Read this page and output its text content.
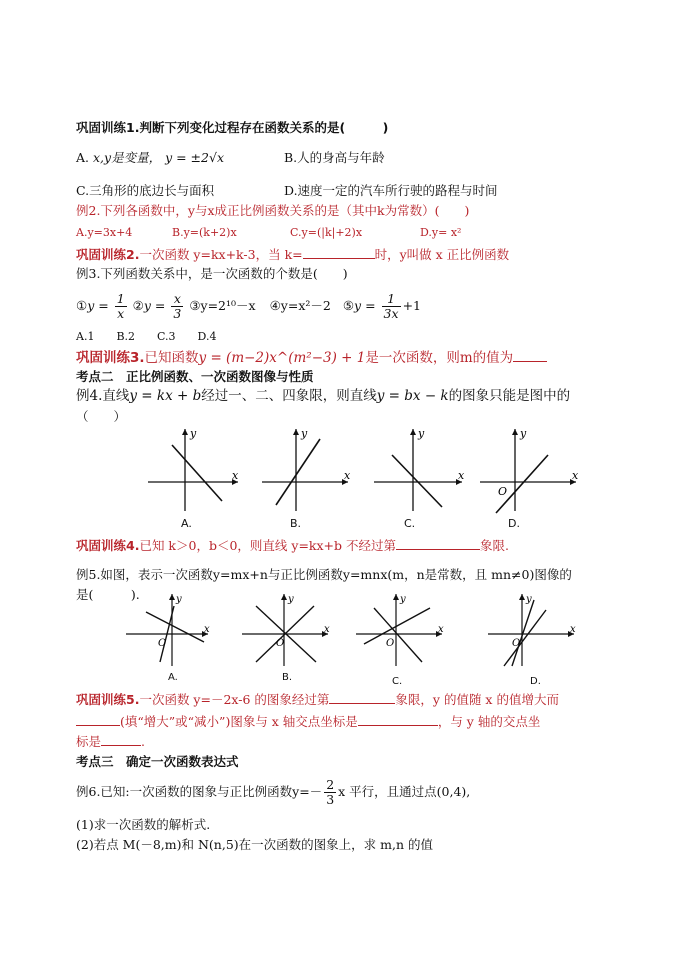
巩固训练1.判断下列变化过程存在函数关系的是(　　　)
A. x,y是变量， y = ±2√x	B.人的身高与年龄
C.三角形的底边长与面积	D.速度一定的汽车所行驶的路程与时间
例2.下列各函数中，y与x成正比例函数关系的是（其中k为常数）(　　)
A.y=3x+4	B.y=(k+2)x	C.y=(|k|+2)x	D.y= x²
巩固训练2.一次函数 y=kx+k-3，当 k=	时，y叫做 x 正比例函数
例3.下列函数关系中，是一次函数的个数是(　　)
①y = $\frac{1}{x}$ ②y = $\frac{x}{3}$ ③y=2¹⁰－x ④y=x²－2 ⑤y = $\frac{1}{3x} +1$
A.1　　B.2　　C.3　　D.4
巩固训练3.已知函数y = (m−2)x^(m²−3) + 1是一次函数，则m的值为
考点二　正比例函数、一次函数图像与性质
例4.直线y = kx + b经过一、二、四象限，则直线y = bx − k的图象只能是图中的
（　　）
x
y
A.
x
y
B.
x
y
C.
x
y
O
D.
巩固训练4.已知 k＞0，b＜0，则直线 y=kx+b 不经过第	象限.
例5.如图，表示一次函数y=mx+n与正比例函数y=mnx(m，n是常数，且 mn≠0)图像的
是(　　　).
x
y
O
A.
x
y
O
B.
x
y
O
C.
x
y
O
D.
巩固训练5.一次函数 y=－2x-6 的图象经过第	象限，y 的值随 x 的值增大而
(填“增大”或“减小”)图象与 x 轴交点坐标是	，与 y 轴的交点坐
标是	.
考点三　确定一次函数表达式
例6.已知:一次函数的图象与正比例函数$y=- \frac{2}{3}$ x 平行，且通过点(0,4),
(1)求一次函数的解析式.
(2)若点 M(－8,m)和 N(n,5)在一次函数的图象上，求 m,n 的值
